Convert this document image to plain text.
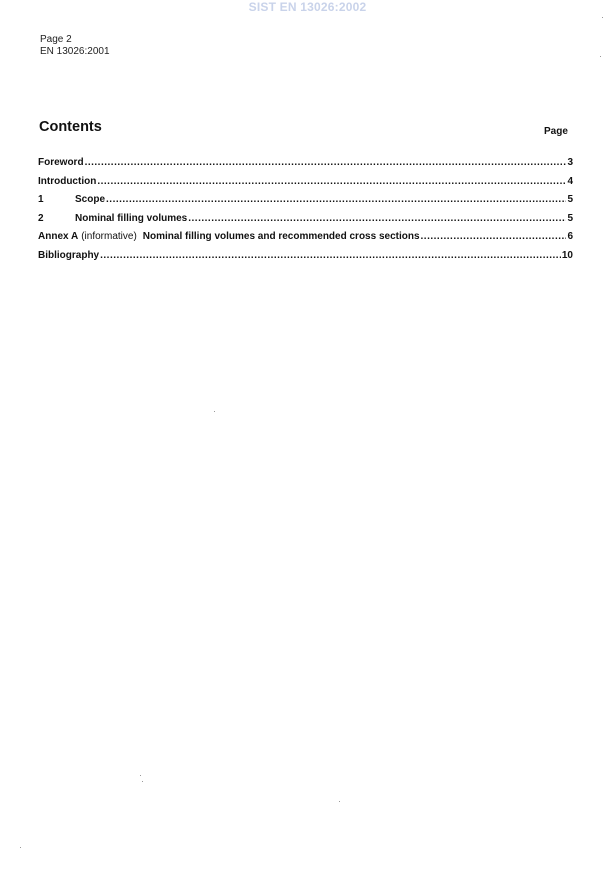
SIST EN 13026:2002
Page 2
EN 13026:2001
Contents	Page
Foreword .....	3
Introduction .....	4
1	Scope .....	5
2	Nominal filling volumes .....	5
Annex A (informative) Nominal filling volumes and recommended cross sections .....	6
Bibliography .....	10
